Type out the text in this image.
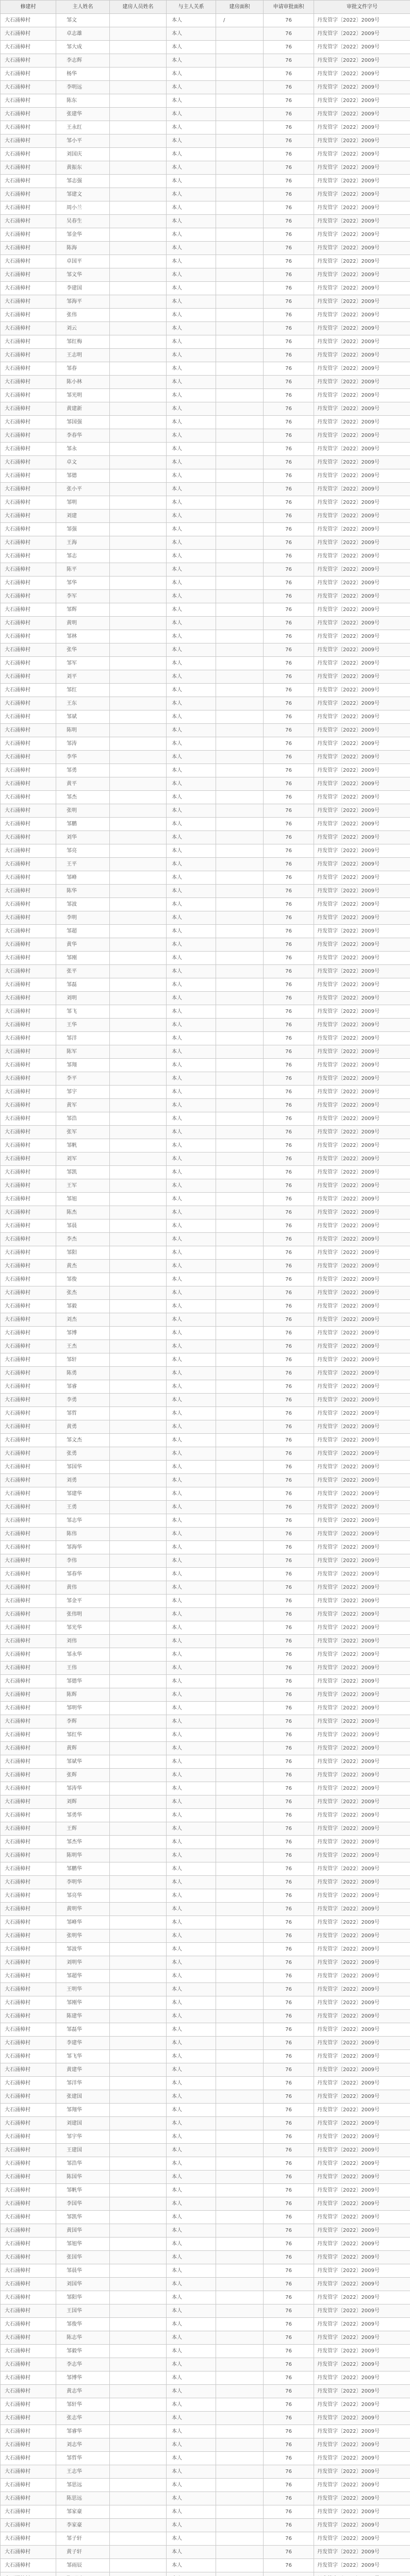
修建村	主人姓名	建房人员姓名	与主人关系	建房面积	申请审批面积	审批文件字号
大石涌樟村	邹文		本人	/	76	丹发管字〔2022〕2009号
大石涌樟村	卓志雄		本人		76	丹发管字〔2022〕2009号
大石涌樟村	邹大成		本人		76	丹发管字〔2022〕2009号
大石涌樟村	李志辉		本人		76	丹发管字〔2022〕2009号
大石涌樟村	杨华		本人		76	丹发管字〔2022〕2009号
大石涌樟村	李明远		本人		76	丹发管字〔2022〕2009号
大石涌樟村	陈东		本人		76	丹发管字〔2022〕2009号
大石涌樟村	张建华		本人		76	丹发管字〔2022〕2009号
大石涌樟村	王永红		本人		76	丹发管字〔2022〕2009号
大石涌樟村	邹小平		本人		76	丹发管字〔2022〕2009号
大石涌樟村	刘国庆		本人		76	丹发管字〔2022〕2009号
大石涌樟村	黄振东		本人		76	丹发管字〔2022〕2009号
大石涌樟村	邹志强		本人		76	丹发管字〔2022〕2009号
大石涌樟村	邹建文		本人		76	丹发管字〔2022〕2009号
大石涌樟村	周小兰		本人		76	丹发管字〔2022〕2009号
大石涌樟村	吴春生		本人		76	丹发管字〔2022〕2009号
大石涌樟村	邹金华		本人		76	丹发管字〔2022〕2009号
大石涌樟村	陈海		本人		76	丹发管字〔2022〕2009号
大石涌樟村	卓国平		本人		76	丹发管字〔2022〕2009号
大石涌樟村	邹文华		本人		76	丹发管字〔2022〕2009号
大石涌樟村	李建国		本人		76	丹发管字〔2022〕2009号
大石涌樟村	邹海平		本人		76	丹发管字〔2022〕2009号
大石涌樟村	张伟		本人		76	丹发管字〔2022〕2009号
大石涌樟村	刘云		本人		76	丹发管字〔2022〕2009号
大石涌樟村	邹红梅		本人		76	丹发管字〔2022〕2009号
大石涌樟村	王志明		本人		76	丹发管字〔2022〕2009号
大石涌樟村	邹春		本人		76	丹发管字〔2022〕2009号
大石涌樟村	陈小林		本人		76	丹发管字〔2022〕2009号
大石涌樟村	邹光明		本人		76	丹发管字〔2022〕2009号
大石涌樟村	黄建新		本人		76	丹发管字〔2022〕2009号
大石涌樟村	邹国强		本人		76	丹发管字〔2022〕2009号
大石涌樟村	李春华		本人		76	丹发管字〔2022〕2009号
大石涌樟村	邹永		本人		76	丹发管字〔2022〕2009号
大石涌樟村	卓文		本人		76	丹发管字〔2022〕2009号
大石涌樟村	邹德		本人		76	丹发管字〔2022〕2009号
大石涌樟村	张小平		本人		76	丹发管字〔2022〕2009号
大石涌樟村	邹明		本人		76	丹发管字〔2022〕2009号
大石涌樟村	刘建		本人		76	丹发管字〔2022〕2009号
大石涌樟村	邹强		本人		76	丹发管字〔2022〕2009号
大石涌樟村	王海		本人		76	丹发管字〔2022〕2009号
大石涌樟村	邹志		本人		76	丹发管字〔2022〕2009号
大石涌樟村	陈平		本人		76	丹发管字〔2022〕2009号
大石涌樟村	邹华		本人		76	丹发管字〔2022〕2009号
大石涌樟村	李军		本人		76	丹发管字〔2022〕2009号
大石涌樟村	邹辉		本人		76	丹发管字〔2022〕2009号
大石涌樟村	黄明		本人		76	丹发管字〔2022〕2009号
大石涌樟村	邹林		本人		76	丹发管字〔2022〕2009号
大石涌樟村	张华		本人		76	丹发管字〔2022〕2009号
大石涌樟村	邹军		本人		76	丹发管字〔2022〕2009号
大石涌樟村	刘平		本人		76	丹发管字〔2022〕2009号
大石涌樟村	邹红		本人		76	丹发管字〔2022〕2009号
大石涌樟村	王东		本人		76	丹发管字〔2022〕2009号
大石涌樟村	邹斌		本人		76	丹发管字〔2022〕2009号
大石涌樟村	陈明		本人		76	丹发管字〔2022〕2009号
大石涌樟村	邹涛		本人		76	丹发管字〔2022〕2009号
大石涌樟村	李华		本人		76	丹发管字〔2022〕2009号
大石涌樟村	邹勇		本人		76	丹发管字〔2022〕2009号
大石涌樟村	黄平		本人		76	丹发管字〔2022〕2009号
大石涌樟村	邹杰		本人		76	丹发管字〔2022〕2009号
大石涌樟村	张明		本人		76	丹发管字〔2022〕2009号
大石涌樟村	邹鹏		本人		76	丹发管字〔2022〕2009号
大石涌樟村	刘华		本人		76	丹发管字〔2022〕2009号
大石涌樟村	邹亮		本人		76	丹发管字〔2022〕2009号
大石涌樟村	王平		本人		76	丹发管字〔2022〕2009号
大石涌樟村	邹峰		本人		76	丹发管字〔2022〕2009号
大石涌樟村	陈华		本人		76	丹发管字〔2022〕2009号
大石涌樟村	邹波		本人		76	丹发管字〔2022〕2009号
大石涌樟村	李明		本人		76	丹发管字〔2022〕2009号
大石涌樟村	邹超		本人		76	丹发管字〔2022〕2009号
大石涌樟村	黄华		本人		76	丹发管字〔2022〕2009号
大石涌樟村	邹刚		本人		76	丹发管字〔2022〕2009号
大石涌樟村	张平		本人		76	丹发管字〔2022〕2009号
大石涌樟村	邹磊		本人		76	丹发管字〔2022〕2009号
大石涌樟村	刘明		本人		76	丹发管字〔2022〕2009号
大石涌樟村	邹飞		本人		76	丹发管字〔2022〕2009号
大石涌樟村	王华		本人		76	丹发管字〔2022〕2009号
大石涌樟村	邹洋		本人		76	丹发管字〔2022〕2009号
大石涌樟村	陈军		本人		76	丹发管字〔2022〕2009号
大石涌樟村	邹翔		本人		76	丹发管字〔2022〕2009号
大石涌樟村	李平		本人		76	丹发管字〔2022〕2009号
大石涌樟村	邹宇		本人		76	丹发管字〔2022〕2009号
大石涌樟村	黄军		本人		76	丹发管字〔2022〕2009号
大石涌樟村	邹浩		本人		76	丹发管字〔2022〕2009号
大石涌樟村	张军		本人		76	丹发管字〔2022〕2009号
大石涌樟村	邹帆		本人		76	丹发管字〔2022〕2009号
大石涌樟村	刘军		本人		76	丹发管字〔2022〕2009号
大石涌樟村	邹凯		本人		76	丹发管字〔2022〕2009号
大石涌樟村	王军		本人		76	丹发管字〔2022〕2009号
大石涌樟村	邹旭		本人		76	丹发管字〔2022〕2009号
大石涌樟村	陈杰		本人		76	丹发管字〔2022〕2009号
大石涌樟村	邹晨		本人		76	丹发管字〔2022〕2009号
大石涌樟村	李杰		本人		76	丹发管字〔2022〕2009号
大石涌樟村	邹阳		本人		76	丹发管字〔2022〕2009号
大石涌樟村	黄杰		本人		76	丹发管字〔2022〕2009号
大石涌樟村	邹俊		本人		76	丹发管字〔2022〕2009号
大石涌樟村	张杰		本人		76	丹发管字〔2022〕2009号
大石涌樟村	邹毅		本人		76	丹发管字〔2022〕2009号
大石涌樟村	刘杰		本人		76	丹发管字〔2022〕2009号
大石涌樟村	邹博		本人		76	丹发管字〔2022〕2009号
大石涌樟村	王杰		本人		76	丹发管字〔2022〕2009号
大石涌樟村	邹轩		本人		76	丹发管字〔2022〕2009号
大石涌樟村	陈勇		本人		76	丹发管字〔2022〕2009号
大石涌樟村	邹睿		本人		76	丹发管字〔2022〕2009号
大石涌樟村	李勇		本人		76	丹发管字〔2022〕2009号
大石涌樟村	邹哲		本人		76	丹发管字〔2022〕2009号
大石涌樟村	黄勇		本人		76	丹发管字〔2022〕2009号
大石涌樟村	邹文杰		本人		76	丹发管字〔2022〕2009号
大石涌樟村	张勇		本人		76	丹发管字〔2022〕2009号
大石涌樟村	邹国华		本人		76	丹发管字〔2022〕2009号
大石涌樟村	刘勇		本人		76	丹发管字〔2022〕2009号
大石涌樟村	邹建华		本人		76	丹发管字〔2022〕2009号
大石涌樟村	王勇		本人		76	丹发管字〔2022〕2009号
大石涌樟村	邹志华		本人		76	丹发管字〔2022〕2009号
大石涌樟村	陈伟		本人		76	丹发管字〔2022〕2009号
大石涌樟村	邹海华		本人		76	丹发管字〔2022〕2009号
大石涌樟村	李伟		本人		76	丹发管字〔2022〕2009号
大石涌樟村	邹春华		本人		76	丹发管字〔2022〕2009号
大石涌樟村	黄伟		本人		76	丹发管字〔2022〕2009号
大石涌樟村	邹金平		本人		76	丹发管字〔2022〕2009号
大石涌樟村	张伟明		本人		76	丹发管字〔2022〕2009号
大石涌樟村	邹光华		本人		76	丹发管字〔2022〕2009号
大石涌樟村	刘伟		本人		76	丹发管字〔2022〕2009号
大石涌樟村	邹永华		本人		76	丹发管字〔2022〕2009号
大石涌樟村	王伟		本人		76	丹发管字〔2022〕2009号
大石涌樟村	邹德华		本人		76	丹发管字〔2022〕2009号
大石涌樟村	陈辉		本人		76	丹发管字〔2022〕2009号
大石涌樟村	邹明华		本人		76	丹发管字〔2022〕2009号
大石涌樟村	李辉		本人		76	丹发管字〔2022〕2009号
大石涌樟村	邹红华		本人		76	丹发管字〔2022〕2009号
大石涌樟村	黄辉		本人		76	丹发管字〔2022〕2009号
大石涌樟村	邹斌华		本人		76	丹发管字〔2022〕2009号
大石涌樟村	张辉		本人		76	丹发管字〔2022〕2009号
大石涌樟村	邹涛华		本人		76	丹发管字〔2022〕2009号
大石涌樟村	刘辉		本人		76	丹发管字〔2022〕2009号
大石涌樟村	邹勇华		本人		76	丹发管字〔2022〕2009号
大石涌樟村	王辉		本人		76	丹发管字〔2022〕2009号
大石涌樟村	邹杰华		本人		76	丹发管字〔2022〕2009号
大石涌樟村	陈明华		本人		76	丹发管字〔2022〕2009号
大石涌樟村	邹鹏华		本人		76	丹发管字〔2022〕2009号
大石涌樟村	李明华		本人		76	丹发管字〔2022〕2009号
大石涌樟村	邹亮华		本人		76	丹发管字〔2022〕2009号
大石涌樟村	黄明华		本人		76	丹发管字〔2022〕2009号
大石涌樟村	邹峰华		本人		76	丹发管字〔2022〕2009号
大石涌樟村	张明华		本人		76	丹发管字〔2022〕2009号
大石涌樟村	邹波华		本人		76	丹发管字〔2022〕2009号
大石涌樟村	刘明华		本人		76	丹发管字〔2022〕2009号
大石涌樟村	邹超华		本人		76	丹发管字〔2022〕2009号
大石涌樟村	王明华		本人		76	丹发管字〔2022〕2009号
大石涌樟村	邹刚华		本人		76	丹发管字〔2022〕2009号
大石涌樟村	陈建华		本人		76	丹发管字〔2022〕2009号
大石涌樟村	邹磊华		本人		76	丹发管字〔2022〕2009号
大石涌樟村	李建华		本人		76	丹发管字〔2022〕2009号
大石涌樟村	邹飞华		本人		76	丹发管字〔2022〕2009号
大石涌樟村	黄建华		本人		76	丹发管字〔2022〕2009号
大石涌樟村	邹洋华		本人		76	丹发管字〔2022〕2009号
大石涌樟村	张建国		本人		76	丹发管字〔2022〕2009号
大石涌樟村	邹翔华		本人		76	丹发管字〔2022〕2009号
大石涌樟村	刘建国		本人		76	丹发管字〔2022〕2009号
大石涌樟村	邹宇华		本人		76	丹发管字〔2022〕2009号
大石涌樟村	王建国		本人		76	丹发管字〔2022〕2009号
大石涌樟村	邹浩华		本人		76	丹发管字〔2022〕2009号
大石涌樟村	陈国华		本人		76	丹发管字〔2022〕2009号
大石涌樟村	邹帆华		本人		76	丹发管字〔2022〕2009号
大石涌樟村	李国华		本人		76	丹发管字〔2022〕2009号
大石涌樟村	邹凯华		本人		76	丹发管字〔2022〕2009号
大石涌樟村	黄国华		本人		76	丹发管字〔2022〕2009号
大石涌樟村	邹旭华		本人		76	丹发管字〔2022〕2009号
大石涌樟村	张国华		本人		76	丹发管字〔2022〕2009号
大石涌樟村	邹晨华		本人		76	丹发管字〔2022〕2009号
大石涌樟村	刘国华		本人		76	丹发管字〔2022〕2009号
大石涌樟村	邹阳华		本人		76	丹发管字〔2022〕2009号
大石涌樟村	王国华		本人		76	丹发管字〔2022〕2009号
大石涌樟村	邹俊华		本人		76	丹发管字〔2022〕2009号
大石涌樟村	陈志华		本人		76	丹发管字〔2022〕2009号
大石涌樟村	邹毅华		本人		76	丹发管字〔2022〕2009号
大石涌樟村	李志华		本人		76	丹发管字〔2022〕2009号
大石涌樟村	邹博华		本人		76	丹发管字〔2022〕2009号
大石涌樟村	黄志华		本人		76	丹发管字〔2022〕2009号
大石涌樟村	邹轩华		本人		76	丹发管字〔2022〕2009号
大石涌樟村	张志华		本人		76	丹发管字〔2022〕2009号
大石涌樟村	邹睿华		本人		76	丹发管字〔2022〕2009号
大石涌樟村	刘志华		本人		76	丹发管字〔2022〕2009号
大石涌樟村	邹哲华		本人		76	丹发管字〔2022〕2009号
大石涌樟村	王志华		本人		76	丹发管字〔2022〕2009号
大石涌樟村	邹思远		本人		76	丹发管字〔2022〕2009号
大石涌樟村	陈思远		本人		76	丹发管字〔2022〕2009号
大石涌樟村	邹家豪		本人		76	丹发管字〔2022〕2009号
大石涌樟村	李家豪		本人		76	丹发管字〔2022〕2009号
大石涌樟村	邹子轩		本人		76	丹发管字〔2022〕2009号
大石涌樟村	黄子轩		本人		76	丹发管字〔2022〕2009号
大石涌樟村	邹雨辰		本人		76	丹发管字〔2022〕2009号
